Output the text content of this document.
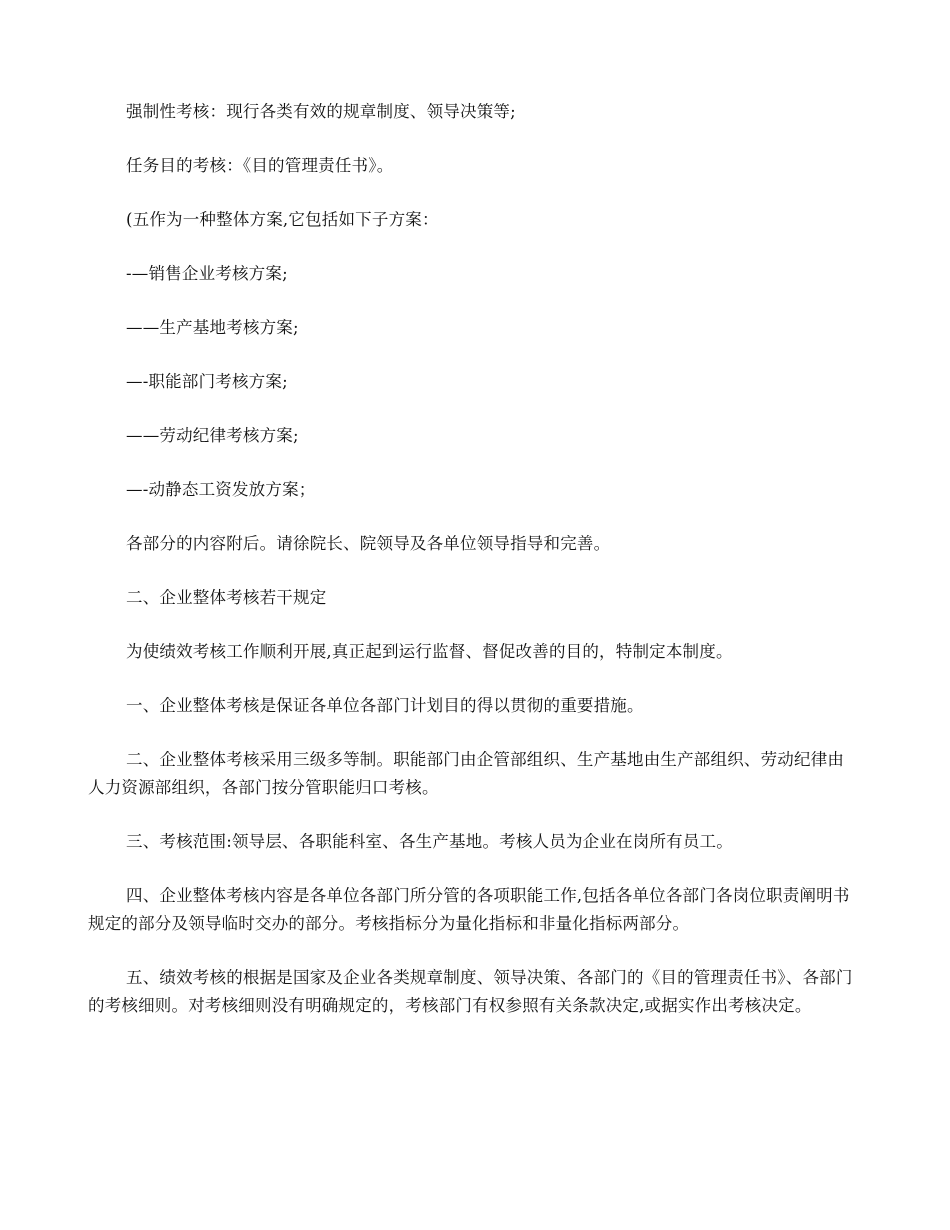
强制性考核：现行各类有效的规章制度、领导决策等;

任务目的考核：《目的管理责任书》。

(五作为一种整体方案,它包括如下子方案：

-—销售企业考核方案;

——生产基地考核方案;

—-职能部门考核方案;

——劳动纪律考核方案;

—-动静态工资发放方案；

各部分的内容附后。请徐院长、院领导及各单位领导指导和完善。

二、企业整体考核若干规定

为使绩效考核工作顺利开展,真正起到运行监督、督促改善的目的，特制定本制度。

一、企业整体考核是保证各单位各部门计划目的得以贯彻的重要措施。

二、企业整体考核采用三级多等制。职能部门由企管部组织、生产基地由生产部组织、劳动纪律由人力资源部组织，各部门按分管职能归口考核。

三、考核范围:领导层、各职能科室、各生产基地。考核人员为企业在岗所有员工。

四、企业整体考核内容是各单位各部门所分管的各项职能工作,包括各单位各部门各岗位职责阐明书规定的部分及领导临时交办的部分。考核指标分为量化指标和非量化指标两部分。

五、绩效考核的根据是国家及企业各类规章制度、领导决策、各部门的《目的管理责任书》、各部门的考核细则。对考核细则没有明确规定的，考核部门有权参照有关条款决定,或据实作出考核决定。
